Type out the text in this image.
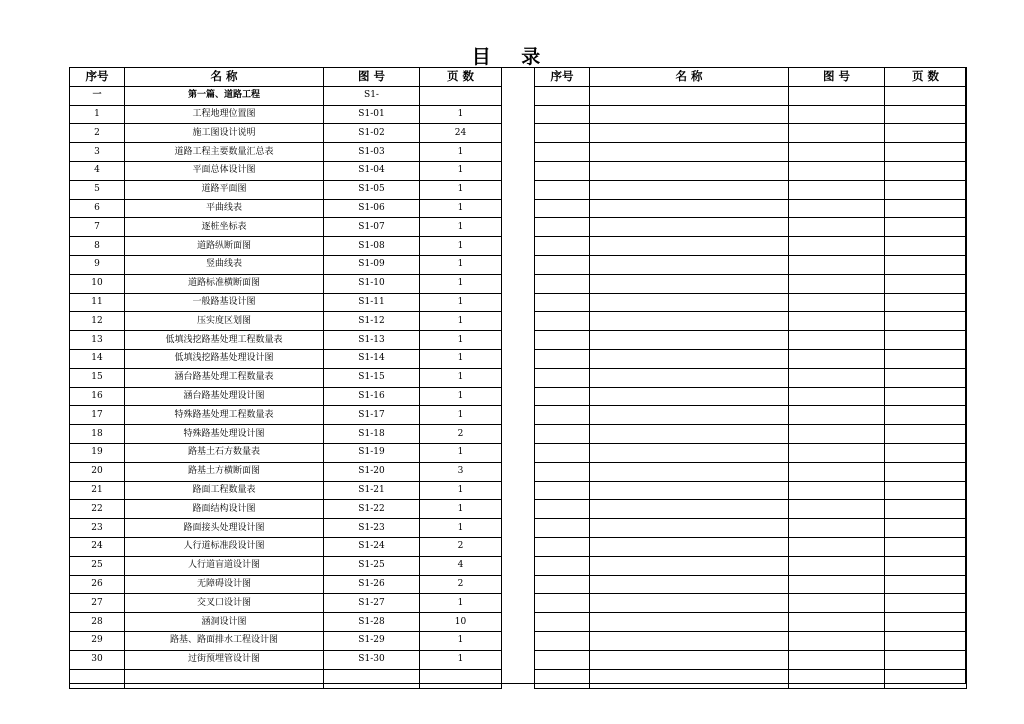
目 录
序号	名 称	图 号	页 数
一	第一篇、道路工程	S1-	
1	工程地理位置图	S1-01	1
2	施工图设计说明	S1-02	24
3	道路工程主要数量汇总表	S1-03	1
4	平面总体设计图	S1-04	1
5	道路平面图	S1-05	1
6	平曲线表	S1-06	1
7	逐桩坐标表	S1-07	1
8	道路纵断面图	S1-08	1
9	竖曲线表	S1-09	1
10	道路标准横断面图	S1-10	1
11	一般路基设计图	S1-11	1
12	压实度区划图	S1-12	1
13	低填浅挖路基处理工程数量表	S1-13	1
14	低填浅挖路基处理设计图	S1-14	1
15	涵台路基处理工程数量表	S1-15	1
16	涵台路基处理设计图	S1-16	1
17	特殊路基处理工程数量表	S1-17	1
18	特殊路基处理设计图	S1-18	2
19	路基土石方数量表	S1-19	1
20	路基土方横断面图	S1-20	3
21	路面工程数量表	S1-21	1
22	路面结构设计图	S1-22	1
23	路面接头处理设计图	S1-23	1
24	人行道标准段设计图	S1-24	2
25	人行道盲道设计图	S1-25	4
26	无障碍设计图	S1-26	2
27	交叉口设计图	S1-27	1
28	涵洞设计图	S1-28	10
29	路基、路面排水工程设计图	S1-29	1
30	过街预埋管设计图	S1-30	1

序号	名 称	图 号	页 数
